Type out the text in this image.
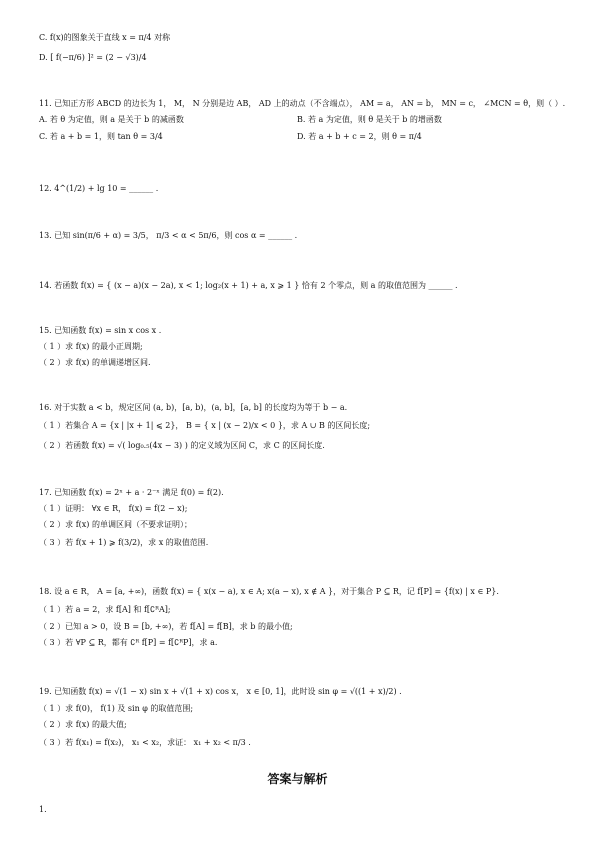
C. f(x)的图象关于直线 x = π/4 对称
D. [ f(−π/6) ]² = (2 − √3)/4
11. 已知正方形 ABCD 的边长为 1， M， N 分别是边 AB， AD 上的动点（不含端点）， AM = a， AN = b， MN = c， ∠MCN = θ，则（ ）.
A. 若 θ 为定值，则 a 是关于 b 的减函数
C. 若 a + b = 1，则 tan θ = 3/4
12. 4^(1/2) + lg 10 = ______ .
13. 已知 sin(π/6 + α) = 3/5， π/3 < α < 5π/6，则 cos α = ______ .
14. 若函数 f(x) = { (x − a)(x − 2a), x < 1; log₂(x + 1) + a, x ⩾ 1 } 恰有 2 个零点，则 a 的取值范围为 ______ .
15. 已知函数 f(x) = sin x cos x .
（ 1 ）求 f(x) 的最小正周期;
（ 2 ）求 f(x) 的单调递增区间.
16. 对于实数 a < b，规定区间 (a, b)，[a, b)，(a, b]，[a, b] 的长度均为等于 b − a.
（ 1 ）若集合 A = {x | |x + 1| ⩽ 2}， B = { x | (x − 2)/x < 0 }，求 A ∪ B 的区间长度;
（ 2 ）若函数 f(x) = √( log₀.₅(4x − 3) ) 的定义域为区间 C，求 C 的区间长度.
17. 已知函数 f(x) = 2ˣ + a · 2⁻ˣ 满足 f(0) = f(2).
（ 1 ）证明： ∀x ∈ R， f(x) = f(2 − x);
（ 2 ）求 f(x) 的单调区间（不要求证明）；
（ 3 ）若 f(x + 1) ⩾ f(3/2)，求 x 的取值范围.
18. 设 a ∈ R， A = [a, +∞)，函数 f(x) = { x(x − a), x ∈ A; x(a − x), x ∉ A }，对于集合 P ⊆ R，记 f[P] = {f(x) | x ∈ P}.
（ 1 ）若 a = 2，求 f[A] 和 f[∁ᴿA];
（ 2 ）已知 a > 0，设 B = [b, +∞)，若 f[A] = f[B]，求 b 的最小值;
（ 3 ）若 ∀P ⊆ R，都有 ∁ᴿ f[P] = f[∁ᴿP]，求 a.
19. 已知函数 f(x) = √(1 − x) sin x + √(1 + x) cos x， x ∈ [0, 1]，此时设 sin φ = √((1 + x)/2) .
（ 1 ）求 f(0)， f(1) 及 sin φ 的取值范围;
（ 2 ）求 f(x) 的最大值;
（ 3 ）若 f(x₁) = f(x₂)， x₁ < x₂，求证： x₁ + x₂ < π/3 .
1.
B. 若 a 为定值，则 θ 是关于 b 的增函数
D. 若 a + b + c = 2，则 θ = π/4
答案与解析
